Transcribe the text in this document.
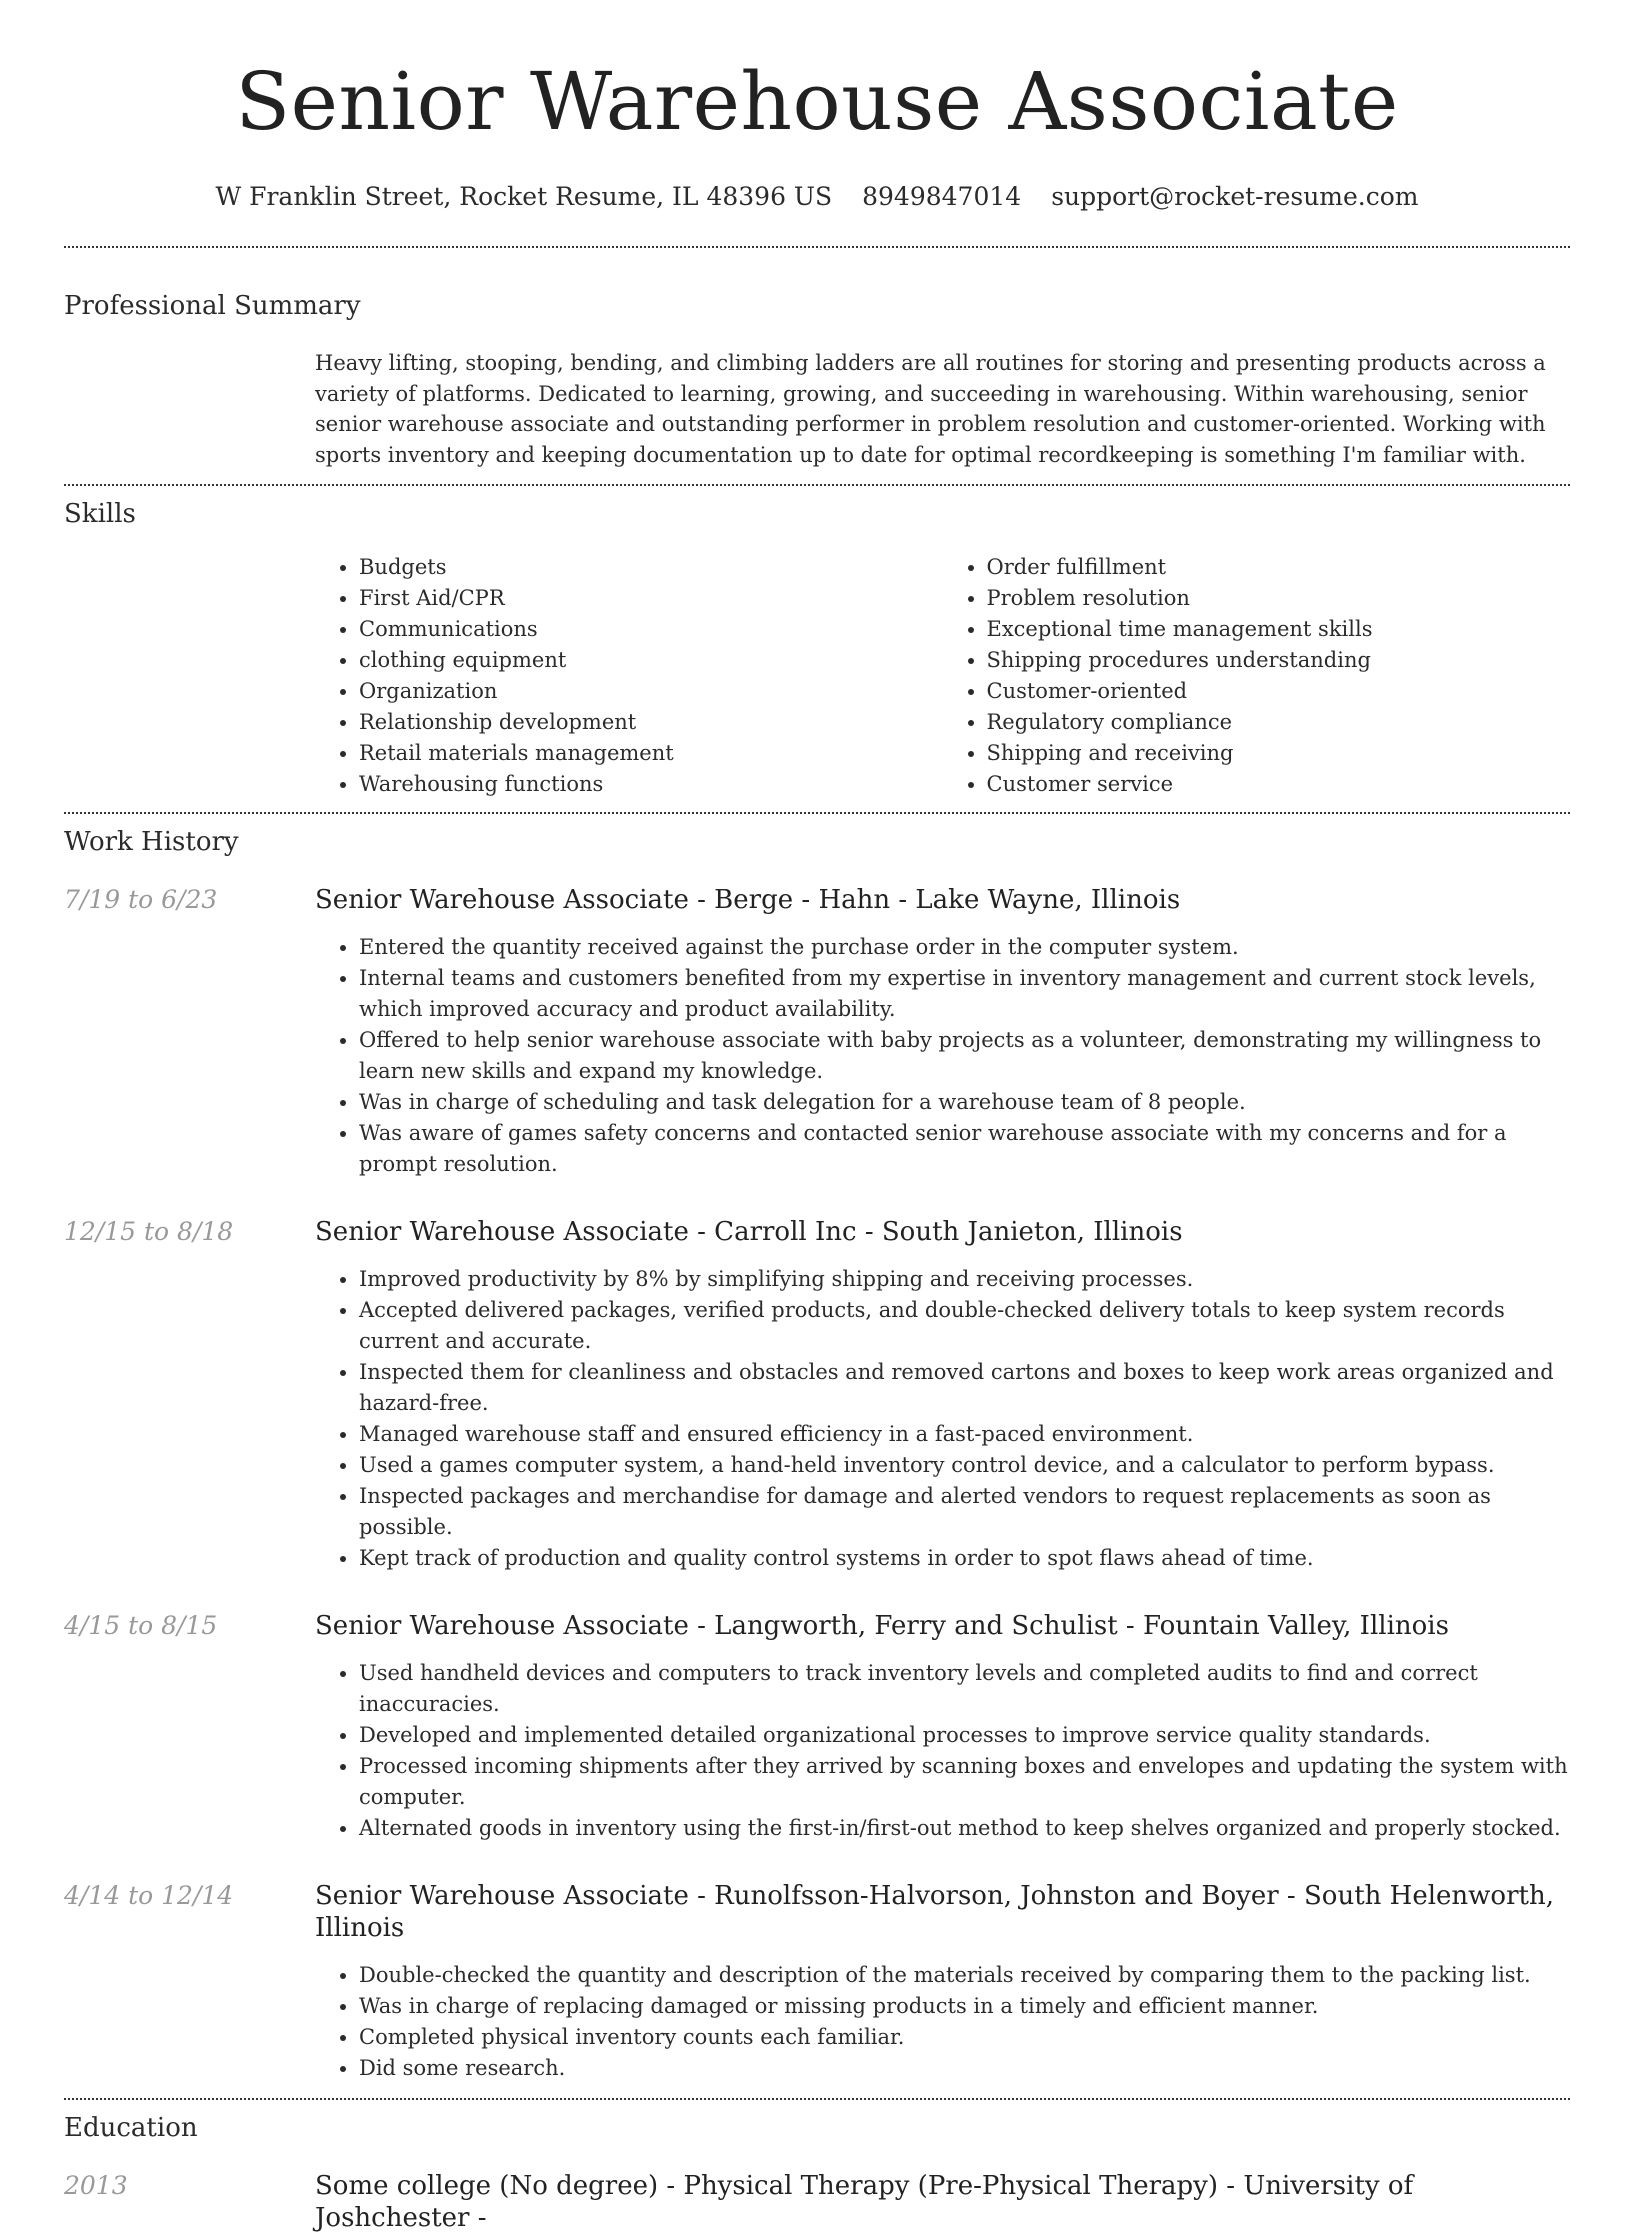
Senior Warehouse Associate
W Franklin Street, Rocket Resume, IL 48396 US 8949847014 support@rocket-resume.com
Professional Summary

Heavy lifting, stooping, bending, and climbing ladders are all routines for storing and presenting products across a variety of platforms. Dedicated to learning, growing, and succeeding in warehousing. Within warehousing, senior senior warehouse associate and outstanding performer in problem resolution and customer-oriented. Working with sports inventory and keeping documentation up to date for optimal recordkeeping is something I'm familiar with.

Skills
• Budgets
• First Aid/CPR
• Communications
• clothing equipment
• Organization
• Relationship development
• Retail materials management
• Warehousing functions
• Order fulfillment
• Problem resolution
• Exceptional time management skills
• Shipping procedures understanding
• Customer-oriented
• Regulatory compliance
• Shipping and receiving
• Customer service
Work History
7/19 to 6/23	Senior Warehouse Associate - Berge - Hahn - Lake Wayne, Illinois
• Entered the quantity received against the purchase order in the computer system.
• Internal teams and customers benefited from my expertise in inventory management and current stock levels, which improved accuracy and product availability.
• Offered to help senior warehouse associate with baby projects as a volunteer, demonstrating my willingness to learn new skills and expand my knowledge.
• Was in charge of scheduling and task delegation for a warehouse team of 8 people.
• Was aware of games safety concerns and contacted senior warehouse associate with my concerns and for a prompt resolution.
12/15 to 8/18	Senior Warehouse Associate - Carroll Inc - South Janieton, Illinois
• Improved productivity by 8% by simplifying shipping and receiving processes.
• Accepted delivered packages, verified products, and double-checked delivery totals to keep system records current and accurate.
• Inspected them for cleanliness and obstacles and removed cartons and boxes to keep work areas organized and hazard-free.
• Managed warehouse staff and ensured efficiency in a fast-paced environment.
• Used a games computer system, a hand-held inventory control device, and a calculator to perform bypass.
• Inspected packages and merchandise for damage and alerted vendors to request replacements as soon as possible.
• Kept track of production and quality control systems in order to spot flaws ahead of time.
4/15 to 8/15	Senior Warehouse Associate - Langworth, Ferry and Schulist - Fountain Valley, Illinois
• Used handheld devices and computers to track inventory levels and completed audits to find and correct inaccuracies.
• Developed and implemented detailed organizational processes to improve service quality standards.
• Processed incoming shipments after they arrived by scanning boxes and envelopes and updating the system with computer.
• Alternated goods in inventory using the first-in/first-out method to keep shelves organized and properly stocked.
4/14 to 12/14	Senior Warehouse Associate - Runolfsson-Halvorson, Johnston and Boyer - South Helenworth, Illinois
• Double-checked the quantity and description of the materials received by comparing them to the packing list.
• Was in charge of replacing damaged or missing products in a timely and efficient manner.
• Completed physical inventory counts each familiar.
• Did some research.
Education
2013	Some college (No degree) - Physical Therapy (Pre-Physical Therapy) - University of Joshchester -
